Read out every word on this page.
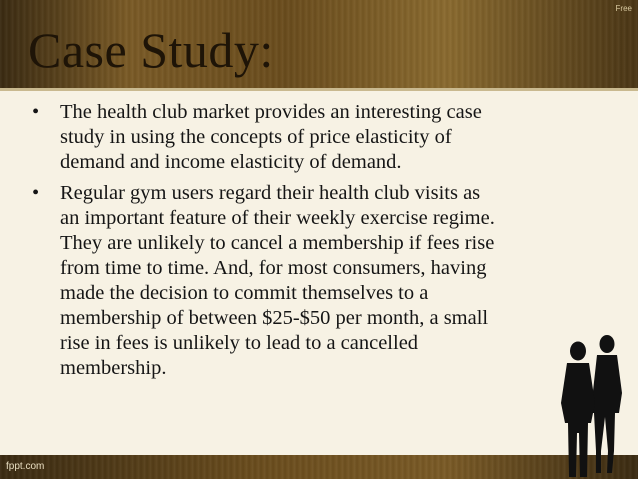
Case Study:
Free
• The health club market provides an interesting case
study in using the concepts of price elasticity of
demand and income elasticity of demand.
• Regular gym users regard their health club visits as
an important feature of their weekly exercise regime.
They are unlikely to cancel a membership if fees rise
from time to time. And, for most consumers, having
made the decision to commit themselves to a
membership of between $25-$50 per month, a small
rise in fees is unlikely to lead to a cancelled
membership.
fppt.com
